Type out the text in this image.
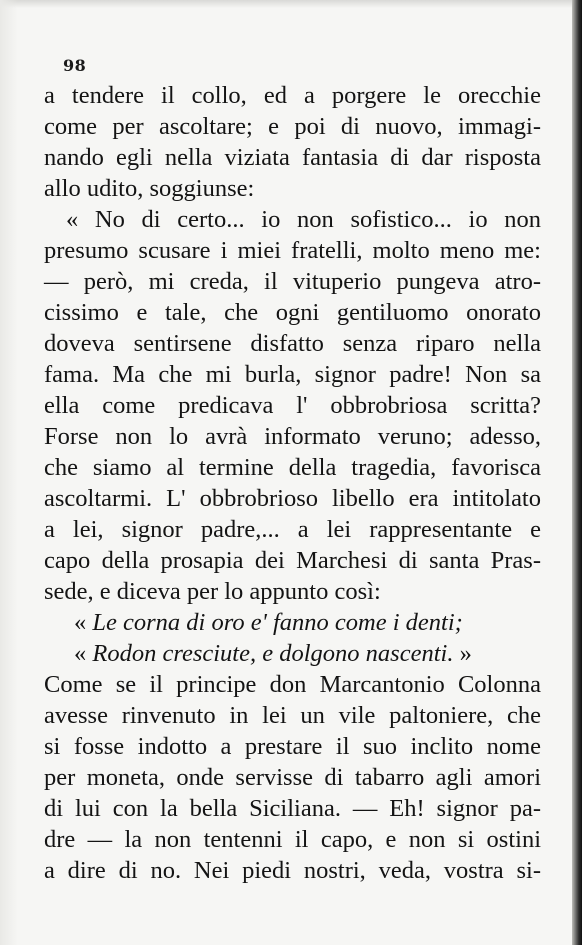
98
a tendere il collo, ed a porgere le orecchie
come per ascoltare; e poi di nuovo, immagi-
nando egli nella viziata fantasia di dar risposta
allo udito, soggiunse:
« No di certo... io non sofistico... io non
presumo scusare i miei fratelli, molto meno me:
— però, mi creda, il vituperio pungeva atro-
cissimo e tale, che ogni gentiluomo onorato
doveva sentirsene disfatto senza riparo nella
fama. Ma che mi burla, signor padre! Non sa
ella come predicava l' obbrobriosa scritta?
Forse non lo avrà informato veruno; adesso,
che siamo al termine della tragedia, favorisca
ascoltarmi. L' obbrobrioso libello era intitolato
a lei, signor padre,... a lei rappresentante e
capo della prosapia dei Marchesi di santa Pras-
sede, e diceva per lo appunto così:
« Le corna di oro e' fanno come i denti;
« Rodon cresciute, e dolgono nascenti. »
Come se il principe don Marcantonio Colonna
avesse rinvenuto in lei un vile paltoniere, che
si fosse indotto a prestare il suo inclito nome
per moneta, onde servisse di tabarro agli amori
di lui con la bella Siciliana. — Eh! signor pa-
dre — la non tentenni il capo, e non si ostini
a dire di no. Nei piedi nostri, veda, vostra si-
